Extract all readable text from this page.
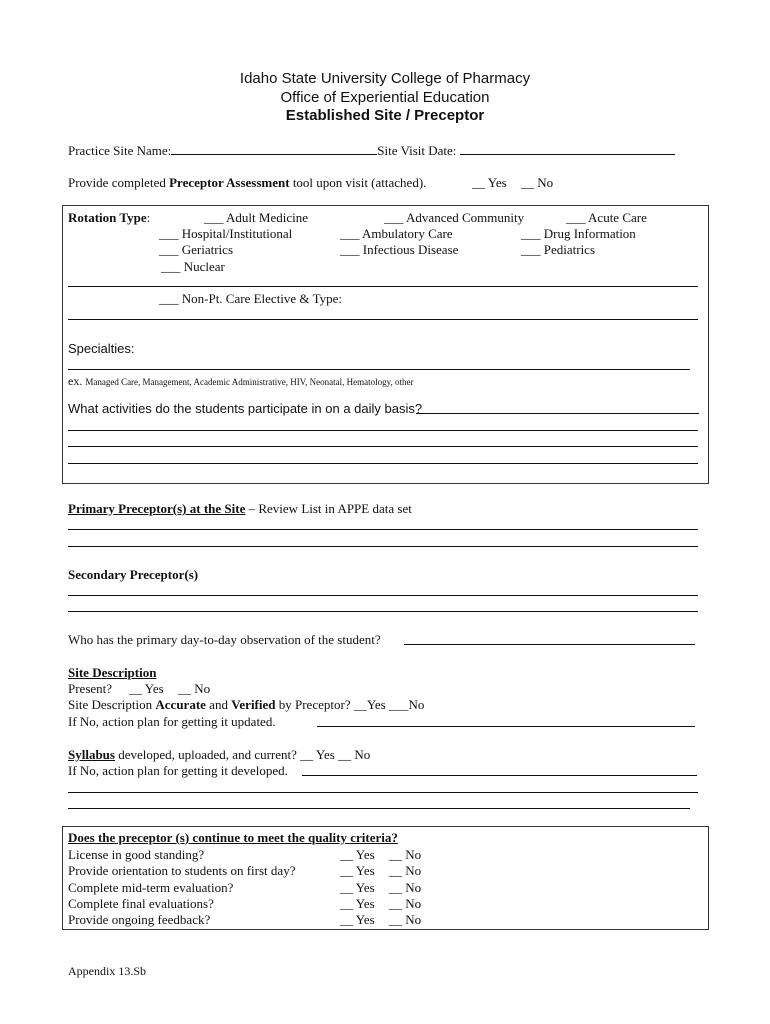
Idaho State University College of Pharmacy
Office of Experiential Education
Established Site / Preceptor
Practice Site Name:	Site Visit Date:
Provide completed Preceptor Assessment tool upon visit (attached).	__ Yes __ No
Rotation Type:	___ Adult Medicine	___ Advanced Community	___ Acute Care
___ Hospital/Institutional	___ Ambulatory Care	___ Drug Information
___ Geriatrics	___ Infectious Disease	___ Pediatrics
___ Nuclear
___ Non-Pt. Care Elective & Type:
Specialties:
ex. Managed Care, Management, Academic Administrative, HIV, Neonatal, Hematology, other
What activities do the students participate in on a daily basis?
Primary Preceptor(s) at the Site – Review List in APPE data set
Secondary Preceptor(s)
Who has the primary day-to-day observation of the student?
Site Description
Present? __ Yes __ No
Site Description Accurate and Verified by Preceptor? __Yes ___No
If No, action plan for getting it updated.
Syllabus developed, uploaded, and current? __ Yes __ No
If No, action plan for getting it developed.
Does the preceptor (s) continue to meet the quality criteria?
License in good standing?	__ Yes __ No
Provide orientation to students on first day?	__ Yes __ No
Complete mid-term evaluation?	__ Yes __ No
Complete final evaluations?	__ Yes __ No
Provide ongoing feedback?	__ Yes __ No
Appendix 13.Sb
